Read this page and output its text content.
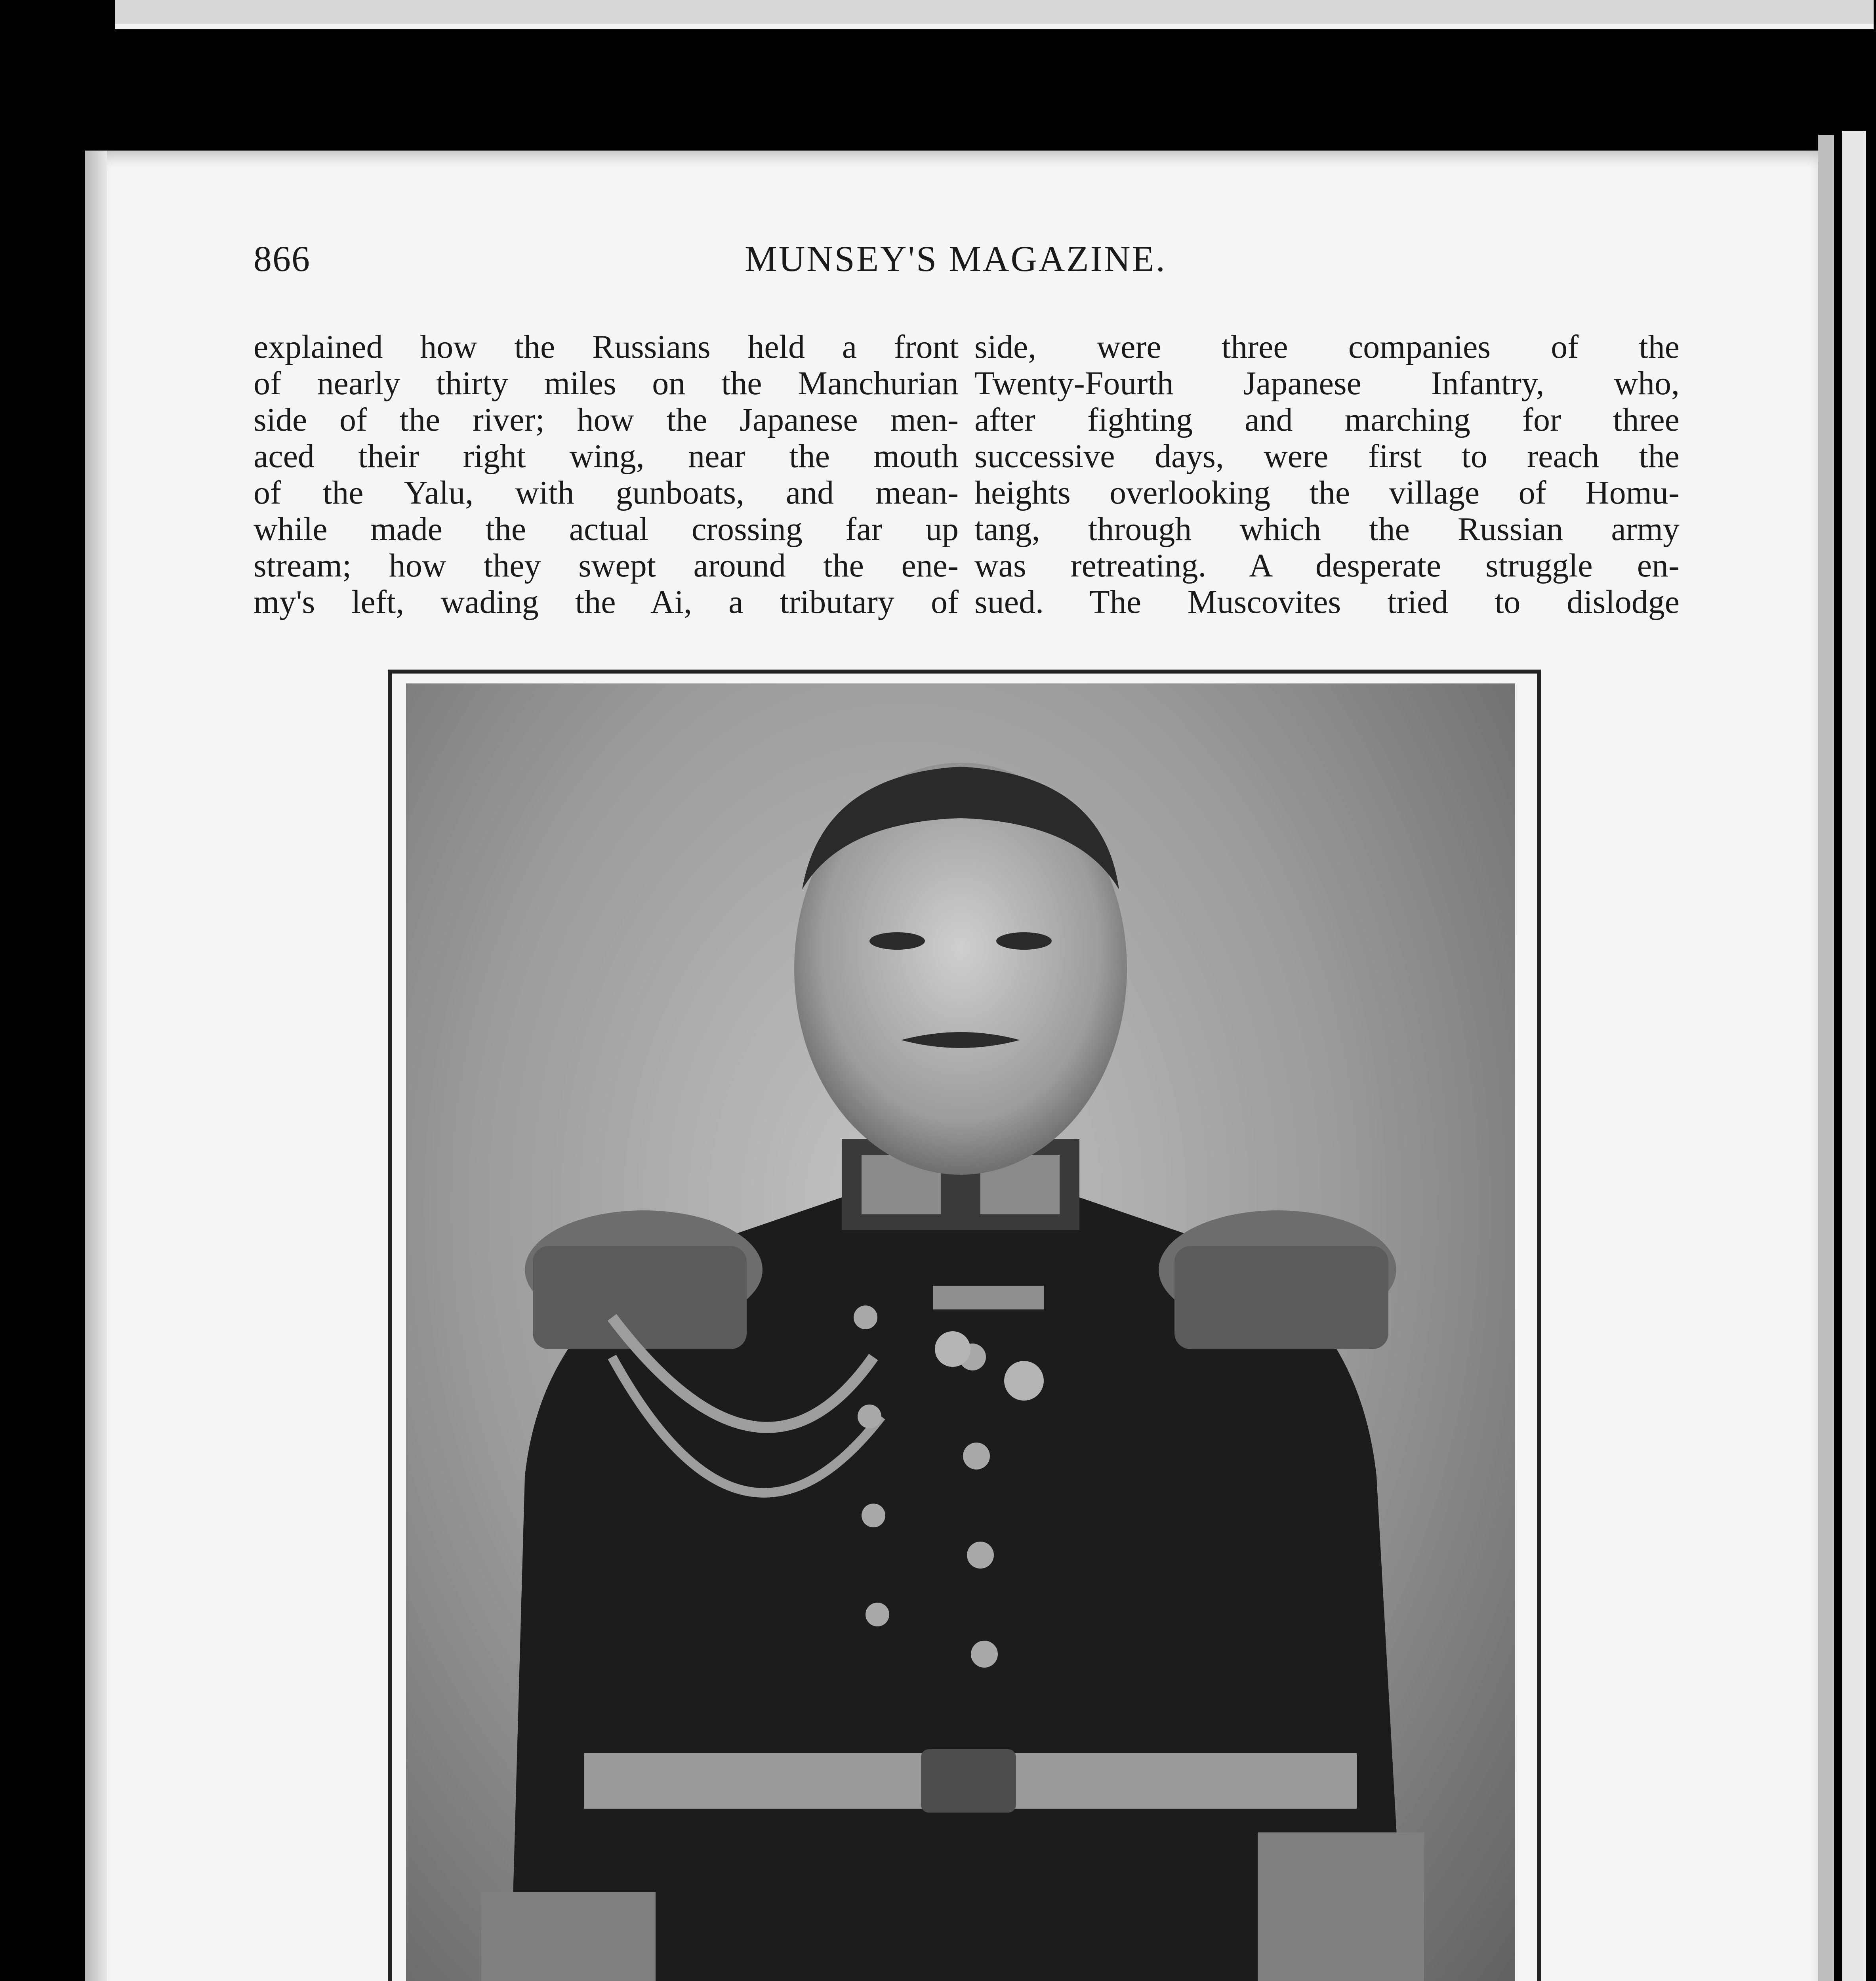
866	MUNSEY'S MAGAZINE.
explained how the Russians held a front
of nearly thirty miles on the Manchurian
side of the river; how the Japanese men-
aced their right wing, near the mouth
of the Yalu, with gunboats, and mean-
while made the actual crossing far up
stream; how they swept around the ene-
my's left, wading the Ai, a tributary of
side, were three companies of the
Twenty-Fourth Japanese Infantry, who,
after fighting and marching for three
successive days, were first to reach the
heights overlooking the village of Homu-
tang, through which the Russian army
was retreating. A desperate struggle en-
sued. The Muscovites tried to dislodge
